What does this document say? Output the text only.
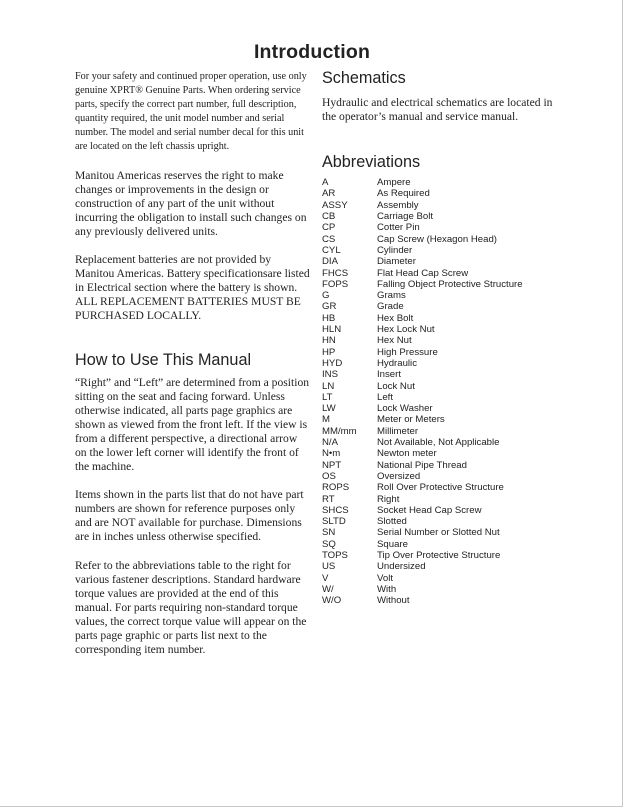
Introduction

For your safety and continued proper operation, use only genuine XPRT® Genuine Parts. When ordering service parts, specify the correct part number, full description, quantity required, the unit model number and serial number. The model and serial number decal for this unit are located on the left chassis upright.

Manitou Americas reserves the right to make changes or improvements in the design or construction of any part of the unit without incurring the obligation to install such changes on any previously delivered units.

Replacement batteries are not provided by Manitou Americas. Battery specificationsare listed in Electrical section where the battery is shown. ALL REPLACEMENT BATTERIES MUST BE PURCHASED LOCALLY.

How to Use This Manual

“Right” and “Left” are determined from a position sitting on the seat and facing forward. Unless otherwise indicated, all parts page graphics are shown as viewed from the front left. If the view is from a different perspective, a directional arrow on the lower left corner will identify the front of the machine.

Items shown in the parts list that do not have part numbers are shown for reference purposes only and are NOT available for purchase. Dimensions are in inches unless otherwise specified.

Refer to the abbreviations table to the right for various fastener descriptions. Standard hardware torque values are provided at the end of this manual. For parts requiring non-standard torque values, the correct torque value will appear on the parts page graphic or parts list next to the corresponding item number.

Schematics

Hydraulic and electrical schematics are located in the operator’s manual and service manual.

Abbreviations
A	Ampere
AR	As Required
ASSY	Assembly
CB	Carriage Bolt
CP	Cotter Pin
CS	Cap Screw (Hexagon Head)
CYL	Cylinder
DIA	Diameter
FHCS	Flat Head Cap Screw
FOPS	Falling Object Protective Structure
G	Grams
GR	Grade
HB	Hex Bolt
HLN	Hex Lock Nut
HN	Hex Nut
HP	High Pressure
HYD	Hydraulic
INS	Insert
LN	Lock Nut
LT	Left
LW	Lock Washer
M	Meter or Meters
MM/mm	Millimeter
N/A	Not Available, Not Applicable
N•m	Newton meter
NPT	National Pipe Thread
OS	Oversized
ROPS	Roll Over Protective Structure
RT	Right
SHCS	Socket Head Cap Screw
SLTD	Slotted
SN	Serial Number or Slotted Nut
SQ	Square
TOPS	Tip Over Protective Structure
US	Undersized
V	Volt
W/	With
W/O	Without
